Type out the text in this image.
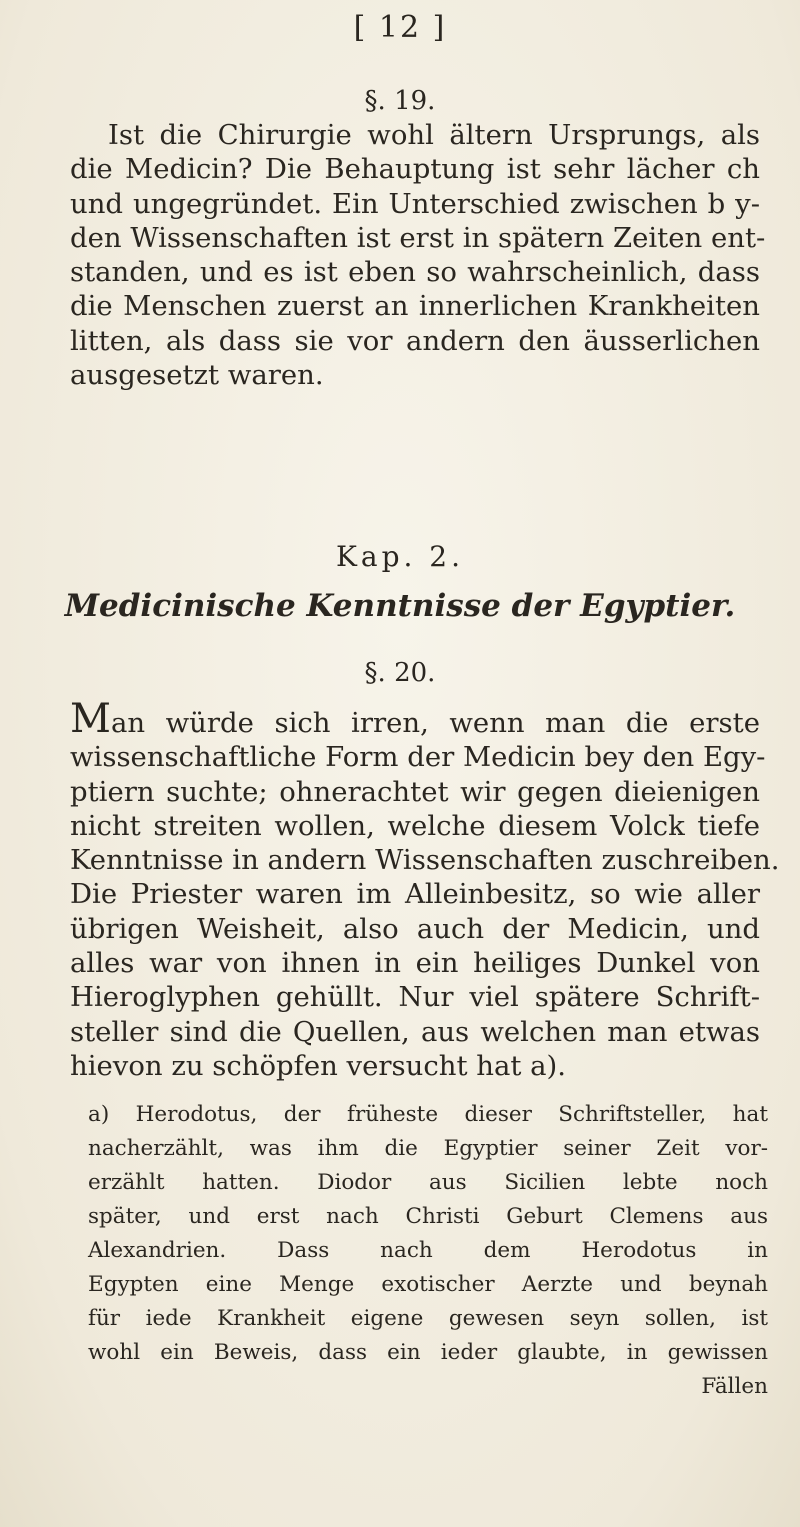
[ 12 ]
§. 19.
Ist die Chirurgie wohl ältern Ursprungs, als
die Medicin? Die Behauptung ist sehr lächer ch
und ungegründet. Ein Unterschied zwischen b y-
den Wissenschaften ist erst in spätern Zeiten ent-
standen, und es ist eben so wahrscheinlich, dass
die Menschen zuerst an innerlichen Krankheiten
litten, als dass sie vor andern den äusserlichen
ausgesetzt waren.
Kap. 2.
Medicinische Kenntnisse der Egyptier.
§. 20.
Man würde sich irren, wenn man die erste
wissenschaftliche Form der Medicin bey den Egy-
ptiern suchte; ohnerachtet wir gegen dieienigen
nicht streiten wollen, welche diesem Volck tiefe
Kenntnisse in andern Wissenschaften zuschreiben.
Die Priester waren im Alleinbesitz, so wie aller
übrigen Weisheit, also auch der Medicin, und
alles war von ihnen in ein heiliges Dunkel von
Hieroglyphen gehüllt. Nur viel spätere Schrift-
steller sind die Quellen, aus welchen man etwas
hievon zu schöpfen versucht hat a).
a) Herodotus, der früheste dieser Schriftsteller, hat
nacherzählt, was ihm die Egyptier seiner Zeit vor-
erzählt hatten. Diodor aus Sicilien lebte noch
später, und erst nach Christi Geburt Clemens aus
Alexandrien. Dass nach dem Herodotus in
Egypten eine Menge exotischer Aerzte und beynah
für iede Krankheit eigene gewesen seyn sollen, ist
wohl ein Beweis, dass ein ieder glaubte, in gewissen
Fällen
